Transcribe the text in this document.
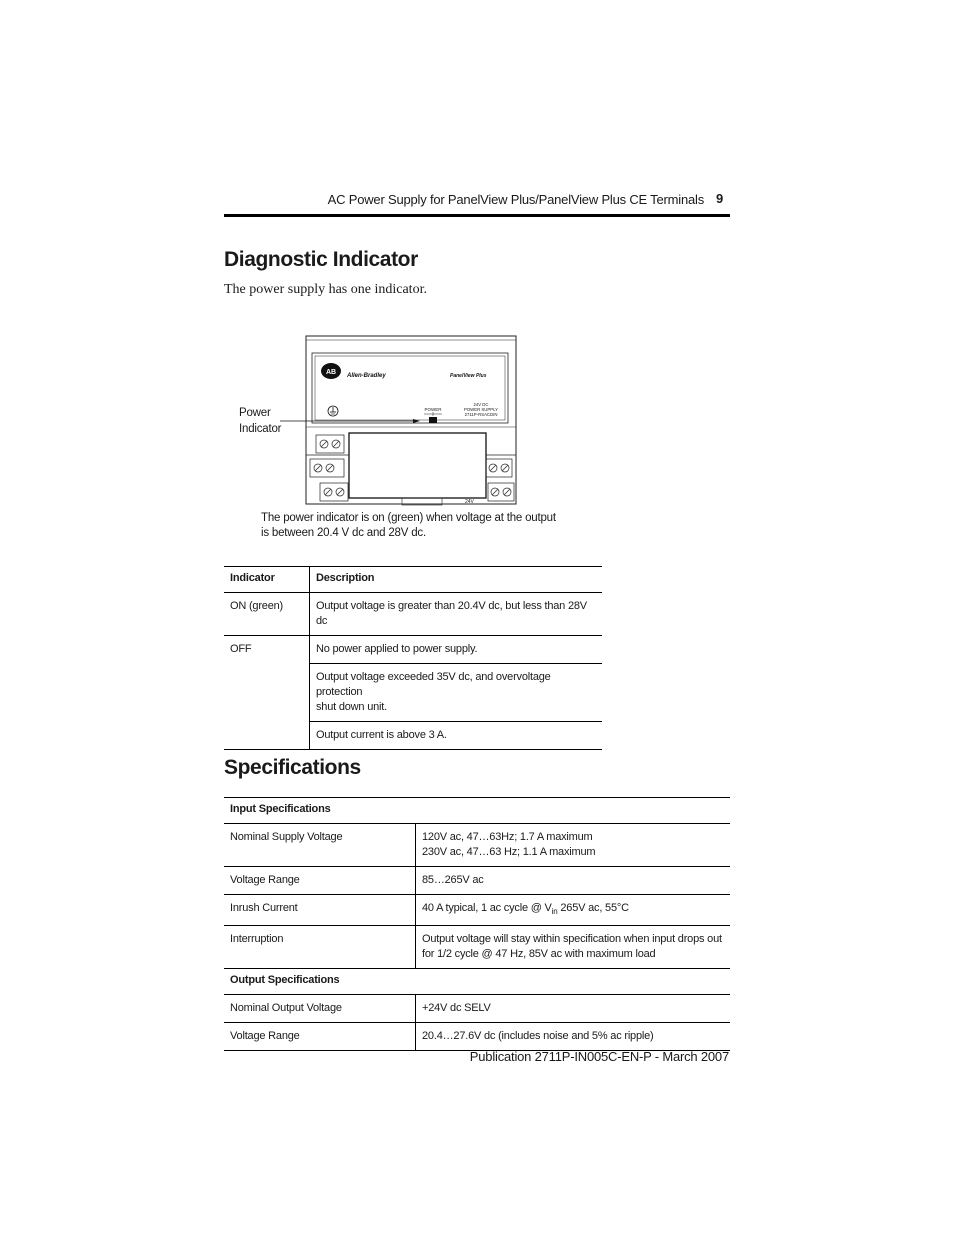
AC Power Supply for PanelView Plus/PanelView Plus CE Terminals 9
Diagnostic Indicator
The power supply has one indicator.
Power
Indicator
AB Allen-Bradley	PanelView Plus
POWER
24V DC
POWER SUPPLY
2711P-RSACDIN
24V
The power indicator is on (green) when voltage at the output
is between 20.4 V dc and 28V dc.
Indicator	Description
ON (green)	Output voltage is greater than 20.4V dc, but less than 28V dc
OFF	No power applied to power supply.

	Output voltage exceeded 35V dc, and overvoltage protection
shut down unit.

	Output current is above 3 A.
Specifications
Input Specifications	
Nominal Supply Voltage	120V ac, 47…63Hz; 1.7 A maximum
230V ac, 47…63 Hz; 1.1 A maximum

Voltage Range	85…265V ac
Inrush Current	40 A typical, 1 ac cycle @ $V_{in}$ 265V ac, 55°C
Interruption	Output voltage will stay within specification when input drops out
for 1/2 cycle @ 47 Hz, 85V ac with maximum load

Output Specifications	
Nominal Output Voltage	+24V dc SELV
Voltage Range	20.4…27.6V dc (includes noise and 5% ac ripple)
Publication 2711P-IN005C-EN-P - March 2007
